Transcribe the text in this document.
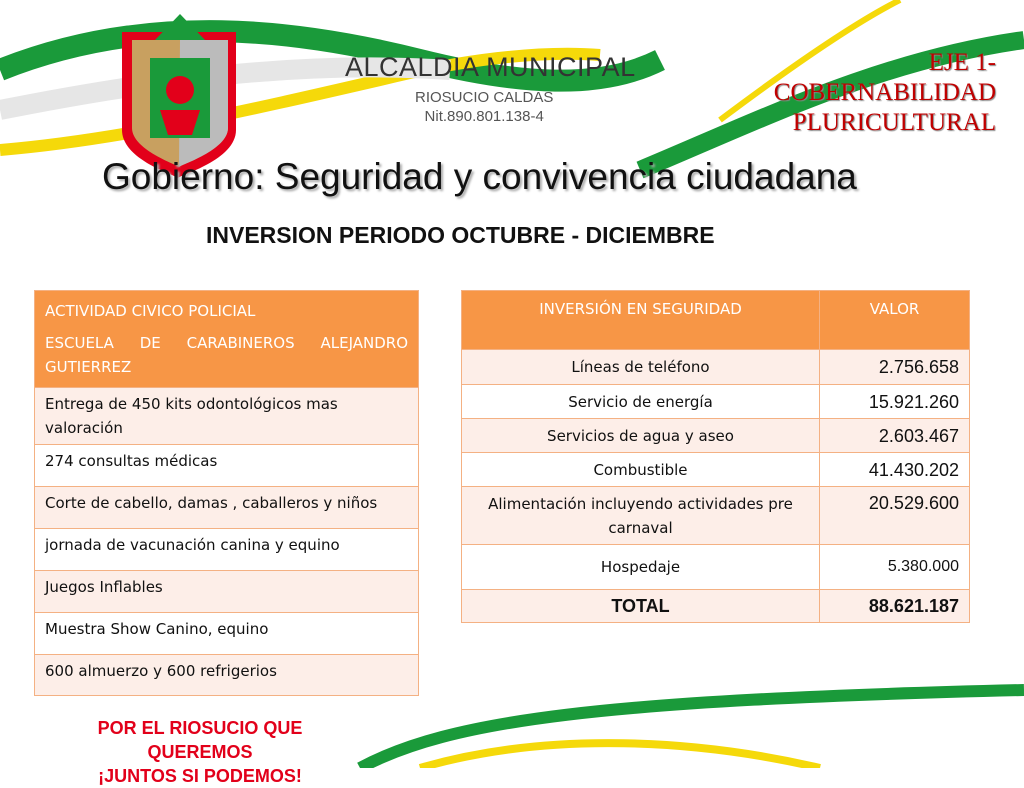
ALCALDIA MUNICIPAL
RIOSUCIO CALDAS
Nit.890.801.138-4
EJE 1-
COBERNABILIDAD
PLURICULTURAL
Gobierno: Seguridad y convivencia ciudadana
INVERSION PERIODO OCTUBRE - DICIEMBRE
ACTIVIDAD CIVICO POLICIAL
ESCUELA DE CARABINEROS ALEJANDRO GUTIERREZ

Entrega de 450 kits odontológicos mas valoración
274 consultas médicas
Corte de cabello, damas , caballeros y niños
jornada de vacunación canina y equino
Juegos Inflables
Muestra Show Canino, equino
600 almuerzo y 600 refrigerios
INVERSIÓN EN SEGURIDAD	VALOR
Líneas de teléfono	2.756.658
Servicio de energía	15.921.260
Servicios de agua y aseo	2.603.467
Combustible	41.430.202
Alimentación incluyendo actividades pre carnaval	20.529.600
Hospedaje	5.380.000
TOTAL	88.621.187
POR EL RIOSUCIO QUE QUEREMOS
¡JUNTOS SI PODEMOS!
